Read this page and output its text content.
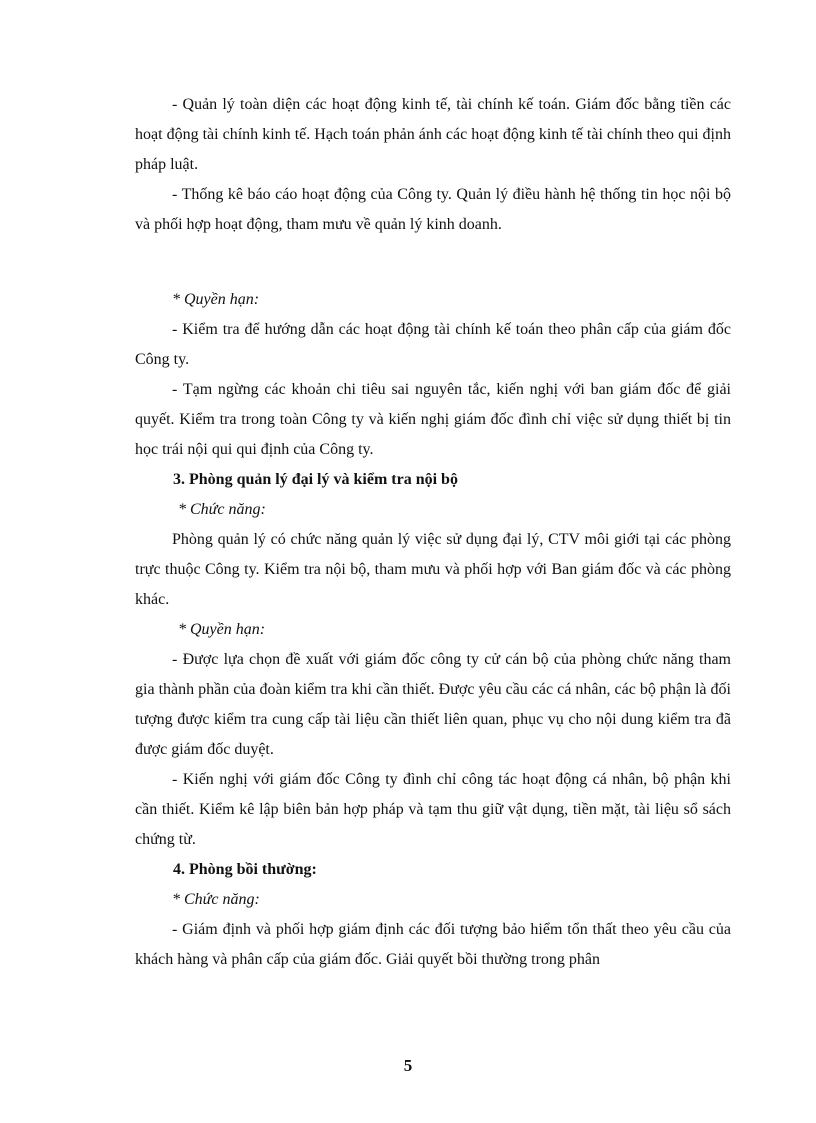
- Quản lý toàn diện các hoạt động kinh tế, tài chính kế toán. Giám đốc bằng tiền các hoạt động tài chính kinh tế. Hạch toán phản ánh các hoạt động kinh tế tài chính theo qui định pháp luật.

- Thống kê báo cáo hoạt động của Công ty. Quản lý điều hành hệ thống tin học nội bộ và phối hợp hoạt động, tham mưu về quản lý kinh doanh.

* Quyền hạn:

- Kiểm tra để hướng dẫn các hoạt động tài chính kế toán theo phân cấp của giám đốc Công ty.

- Tạm ngừng các khoản chi tiêu sai nguyên tắc, kiến nghị với ban giám đốc để giải quyết. Kiểm tra trong toàn Công ty và kiến nghị giám đốc đình chỉ việc sử dụng thiết bị tin học trái nội qui qui định của Công ty.

3. Phòng quản lý đại lý và kiểm tra nội bộ

* Chức năng:

Phòng quản lý có chức năng quản lý việc sử dụng đại lý, CTV môi giới tại các phòng trực thuộc Công ty. Kiểm tra nội bộ, tham mưu và phối hợp với Ban giám đốc và các phòng khác.

* Quyền hạn:

- Được lựa chọn đề xuất với giám đốc công ty cử cán bộ của phòng chức năng tham gia thành phần của đoàn kiểm tra khi cần thiết. Được yêu cầu các cá nhân, các bộ phận là đối tượng được kiểm tra cung cấp tài liệu cần thiết liên quan, phục vụ cho nội dung kiểm tra đã được giám đốc duyệt.

- Kiến nghị với giám đốc Công ty đình chỉ công tác hoạt động cá nhân, bộ phận khi cần thiết. Kiểm kê lập biên bản hợp pháp và tạm thu giữ vật dụng, tiền mặt, tài liệu sổ sách chứng từ.

4. Phòng bồi thường:

* Chức năng:

- Giám định và phối hợp giám định các đối tượng bảo hiểm tổn thất theo yêu cầu của khách hàng và phân cấp của giám đốc. Giải quyết bồi thường trong phân

5
